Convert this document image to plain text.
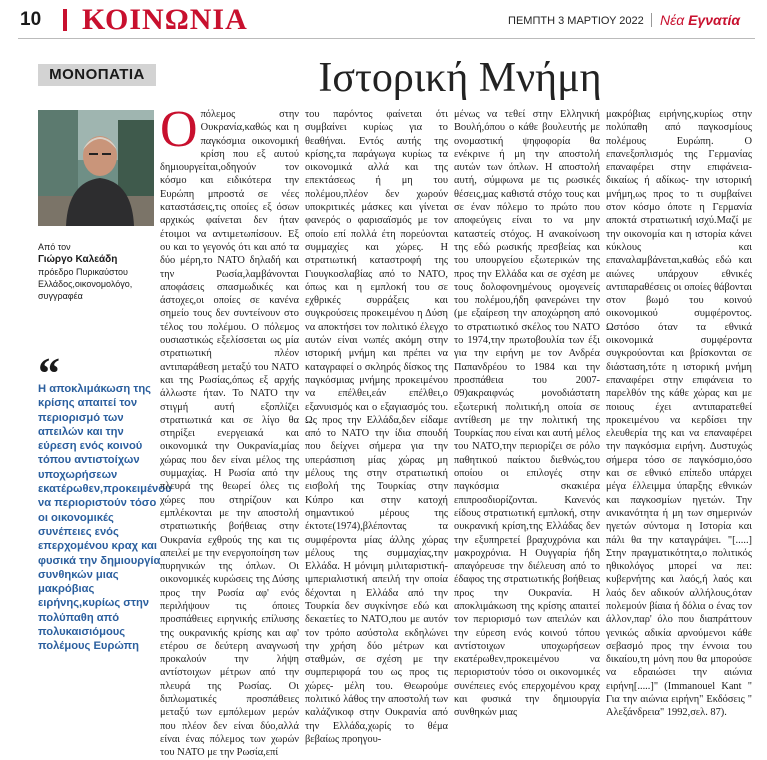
10 ΚΟΙΝΩΝΙΑ	ΠΕΜΠΤΗ 3 ΜΑΡΤΙΟΥ 2022 Νέα Εγνατία
ΜΟΝΟΠΑΤΙΑ	Ιστορική Μνήμη
Από τον
Γιώργο Καλεάδη
πρόεδρο Πυρικαύστου Ελλάδος,οικονομολόγο, συγγραφέα
“
Η αποκλιμάκωση της κρίσης απαιτεί τον περιορισμό των απειλών και την εύρεση ενός κοινού τόπου αντιστοίχων υποχωρήσεων εκατέρωθεν,προκειμένου να περιοριστούν τόσο οι οικονομικές συνέπειες ενός επερχομένου κραχ και φυσικά την δημιουργία συνθηκών μιας μακρόβιας ειρήνης,κυρίως στην πολύπαθη από πολυκαισιόμους πολέμους Ευρώπη
Ο πόλεμος στην Ουκρανία,καθώς και η παγκόσμια οικονομική κρίση που εξ αυτού δημιουργείται,οδηγούν τον κόσμο και ειδικότερα την Ευρώπη μπροστά σε νέες καταστάσεις,τις οποίες εξ όσων αρχικώς φαίνεται δεν ήταν έτοιμοι να αντιμετωπίσουν. Εξ ου και το γεγονός ότι και από τα δύο μέρη,το ΝΑΤΟ δηλαδή και την Ρωσία,λαμβάνονται αποφάσεις σπασμωδικές και άστοχες,οι οποίες σε κανένα σημείο τους δεν συντείνουν στο τέλος του πολέμου. Ο πόλεμος ουσιαστικώς εξελίσσεται ως μία στρατιωτική πλέον αντιπαράθεση μεταξύ του ΝΑΤΟ και της Ρωσίας,όπως εξ αρχής άλλωστε ήταν. Το ΝΑΤΟ την στιγμή αυτή εξοπλίζει στρατιωτικά και σε λίγο θα στηρίξει ενεργειακά και οικονομικά την Ουκρανία,μίας χώρας που δεν είναι μέλος της συμμαχίας. Η Ρωσία από την πλευρά της θεωρεί όλες τις χώρες που στηρίζουν και εμπλέκονται με την αποστολή στρατιωτικής βοήθειας στην Ουκρανία εχθρούς της και τις απειλεί με την ενεργοποίηση των πυρηνικών της όπλων. Οι οικονομικές κυρώσεις της Δύσης προς την Ρωσία αφ' ενός περιλήψουν τις όποιες προσπάθειες ειρηνικής επίλυσης της ουκρανικής κρίσης και αφ' ετέρου σε δεύτερη αναγνωσή προκαλούν την λήψη αντίστοιχων μέτρων από την πλευρά της Ρωσίας. Οι διπλωματικές προσπάθειες μεταξύ των εμπόλεμων μερών που πλέον δεν είναι δύο,αλλά είναι ένας πόλεμος των χωρών του ΝΑΤΟ με την Ρωσία,επί

του παρόντος φαίνεται ότι συμβαίνει κυρίως για το θεαθήναι. Εντός αυτής της κρίσης,τα παράγωγα κυρίως τα οικονομικά αλλά και της επεκτάσεως ή μη του πολέμου,πλέον δεν χωρούν υποκριτικές μάσκες και γίνεται φανερός ο φαρισαϊσμός με τον οποίο επί πολλά έτη πορεύονται συμμαχίες και χώρες. Η στρατιωτική καταστροφή της Γιουγκοσλαβίας από το ΝΑΤΟ, όπως και η εμπλοκή του σε εχθρικές συρράξεις και συγκρούσεις προκειμένου η Δύση να αποκτήσει τον πολιτικό έλεγχο αυτών είναι νωπές ακόμη στην ιστορική μνήμη και πρέπει να καταγραφεί ο σκληρός δίσκος της παγκόσμιας μνήμης προκειμένου να επέλθει,εάν επέλθει,ο εξανυισμός και ο εξαγιασμός του. Ως προς την Ελλάδα,δεν είδαμε από το ΝΑΤΟ την ίδια σπουδή που δείχνει σήμερα για την υπεράσπιση μίας χώρας μη μέλους της στην στρατιωτική εισβολή της Τουρκίας στην Κύπρο και στην κατοχή σημαντικού μέρους της έκτοτε(1974),βλέποντας τα συμφέροντα μίας άλλης χώρας μέλους της συμμαχίας,την Ελλάδα. Η μόνιμη μιλιταριστική-ιμπεριαλιστική απειλή την οποία δέχονται η Ελλάδα από την Τουρκία δεν συγκίνησε εδώ και δεκαετίες το ΝΑΤΟ,που με αυτόν τον τρόπο ασύστολα εκδηλώνει την χρήση δύο μέτρων και σταθμών, σε σχέση με την συμπεριφορά του ως προς τις χώρες- μέλη του. Θεωρούμε πολιτικό λάθος την αποστολή των καλάζνικοφ στην Ουκρανία από την Ελλάδα,χωρίς το θέμα βεβαίως προηγου-

μένως να τεθεί στην Ελληνική Βουλή,όπου ο κάθε βουλευτής με ονομαστική ψηφοφορία θα ενέκρινε ή μη την αποστολή αυτών των όπλων. Η αποστολή αυτή, σύμφωνα με τις ρωσικές θέσεις,μας καθιστά στόχο τους και σε έναν πόλεμο το πρώτο που αποφεύγεις είναι το να μην καταστείς στόχος. Η ανακοίνωση της εδώ ρωσικής πρεσβείας και του υπουργείου εξωτερικών της προς την Ελλάδα και σε σχέση με τους δολοφονημένους ομογενείς του πολέμου,ήδη φανερώνει την (με εξαίρεση την αποχώρηση από το στρατιωτικό σκέλος του ΝΑΤΟ το 1974,την πρωτοβουλία των έξι για την ειρήνη με τον Ανδρέα Παπανδρέου το 1984 και την προσπάθεια του 2007-09)ακραιφνώς μονοδιάστατη εξωτερική πολιτική,η οποία σε αντίθεση με την πολιτική της Τουρκίας που είναι και αυτή μέλος του ΝΑΤΟ,την περιορίζει σε ρόλο παθητικού παίκτου διεθνώς,του οποίου οι επιλογές στην παγκόσμια σκακιέρα επιπροσδιορίζονται. Κανενός είδους στρατιωτική εμπλοκή, στην ουκρανική κρίση,της Ελλάδας δεν την εξυπηρετεί βραχυχρόνια και μακροχρόνια. Η Ουγγαρία ήδη απαγόρευσε την διέλευση από το έδαφος της στρατιωτικής βοήθειας προς την Ουκρανία. Η αποκλιμάκωση της κρίσης απαιτεί τον περιορισμό των απειλών και την εύρεση ενός κοινού τόπου αντίστοιχων υποχωρήσεων εκατέρωθεν,προκειμένου να περιοριστούν τόσο οι οικονομικές συνέπειες ενός επερχομένου κραχ και φυσικά την δημιουργία συνθηκών μιας

μακρόβιας ειρήνης,κυρίως στην πολύπαθη από παγκοσμίους πολέμους Ευρώπη. Ο επανεξοπλισμός της Γερμανίας επαναφέρει στην επιφάνεια-δικαίως ή αδίκως- την ιστορική μνήμη,ως προς το τι συμβαίνει στον κόσμο όποτε η Γερμανία αποκτά στρατιωτική ισχύ.Μαζί με την οικονομία και η ιστορία κάνει κύκλους και επαναλαμβάνεται,καθώς εδώ και αιώνες υπάρχουν εθνικές αντιπαραθέσεις οι οποίες θάβονται στον βωμό του κοινού οικονομικού συμφέροντος. Ωστόσο όταν τα εθνικά οικονομικά συμφέροντα συγκρούονται και βρίσκονται σε διάσταση,τότε η ιστορική μνήμη επαναφέρει στην επιφάνεια το παρελθόν της κάθε χώρας και με ποιους έχει αντιπαρατεθεί προκειμένου να κερδίσει την ελευθερία της και να επαναφέρει την παγκόσμια ειρήνη. Δυστυχώς σήμερα τόσο σε παγκόσμιο,όσο και σε εθνικό επίπεδο υπάρχει μέγα έλλειμμα ύπαρξης εθνικών και παγκοσμίων ηγετών. Την ανικανότητα ή μη των σημερινών ηγετών σύντομα η Ιστορία και πάλι θα την καταγράψει. "[.....] Στην πραγματικότητα,ο πολιτικός ηθικολόγος μπορεί να πει: κυβερνήτης και λαός,ή λαός και λαός δεν αδικούν αλλήλους,όταν πολεμούν βίαια ή δόλια ο ένας τον άλλον,παρ' όλο που διαπράττουν γενικώς αδικία αρνούμενοι κάθε σεβασμό προς την έννοια του δικαίου,τη μόνη που θα μπορούσε να εδραιώσει την αιώνια ειρήνη[.....]" (Immanouel Kant " Για την αιώνια ειρήνη" Εκδόσεις " Αλεξάνδρεια" 1992,σελ. 87).
